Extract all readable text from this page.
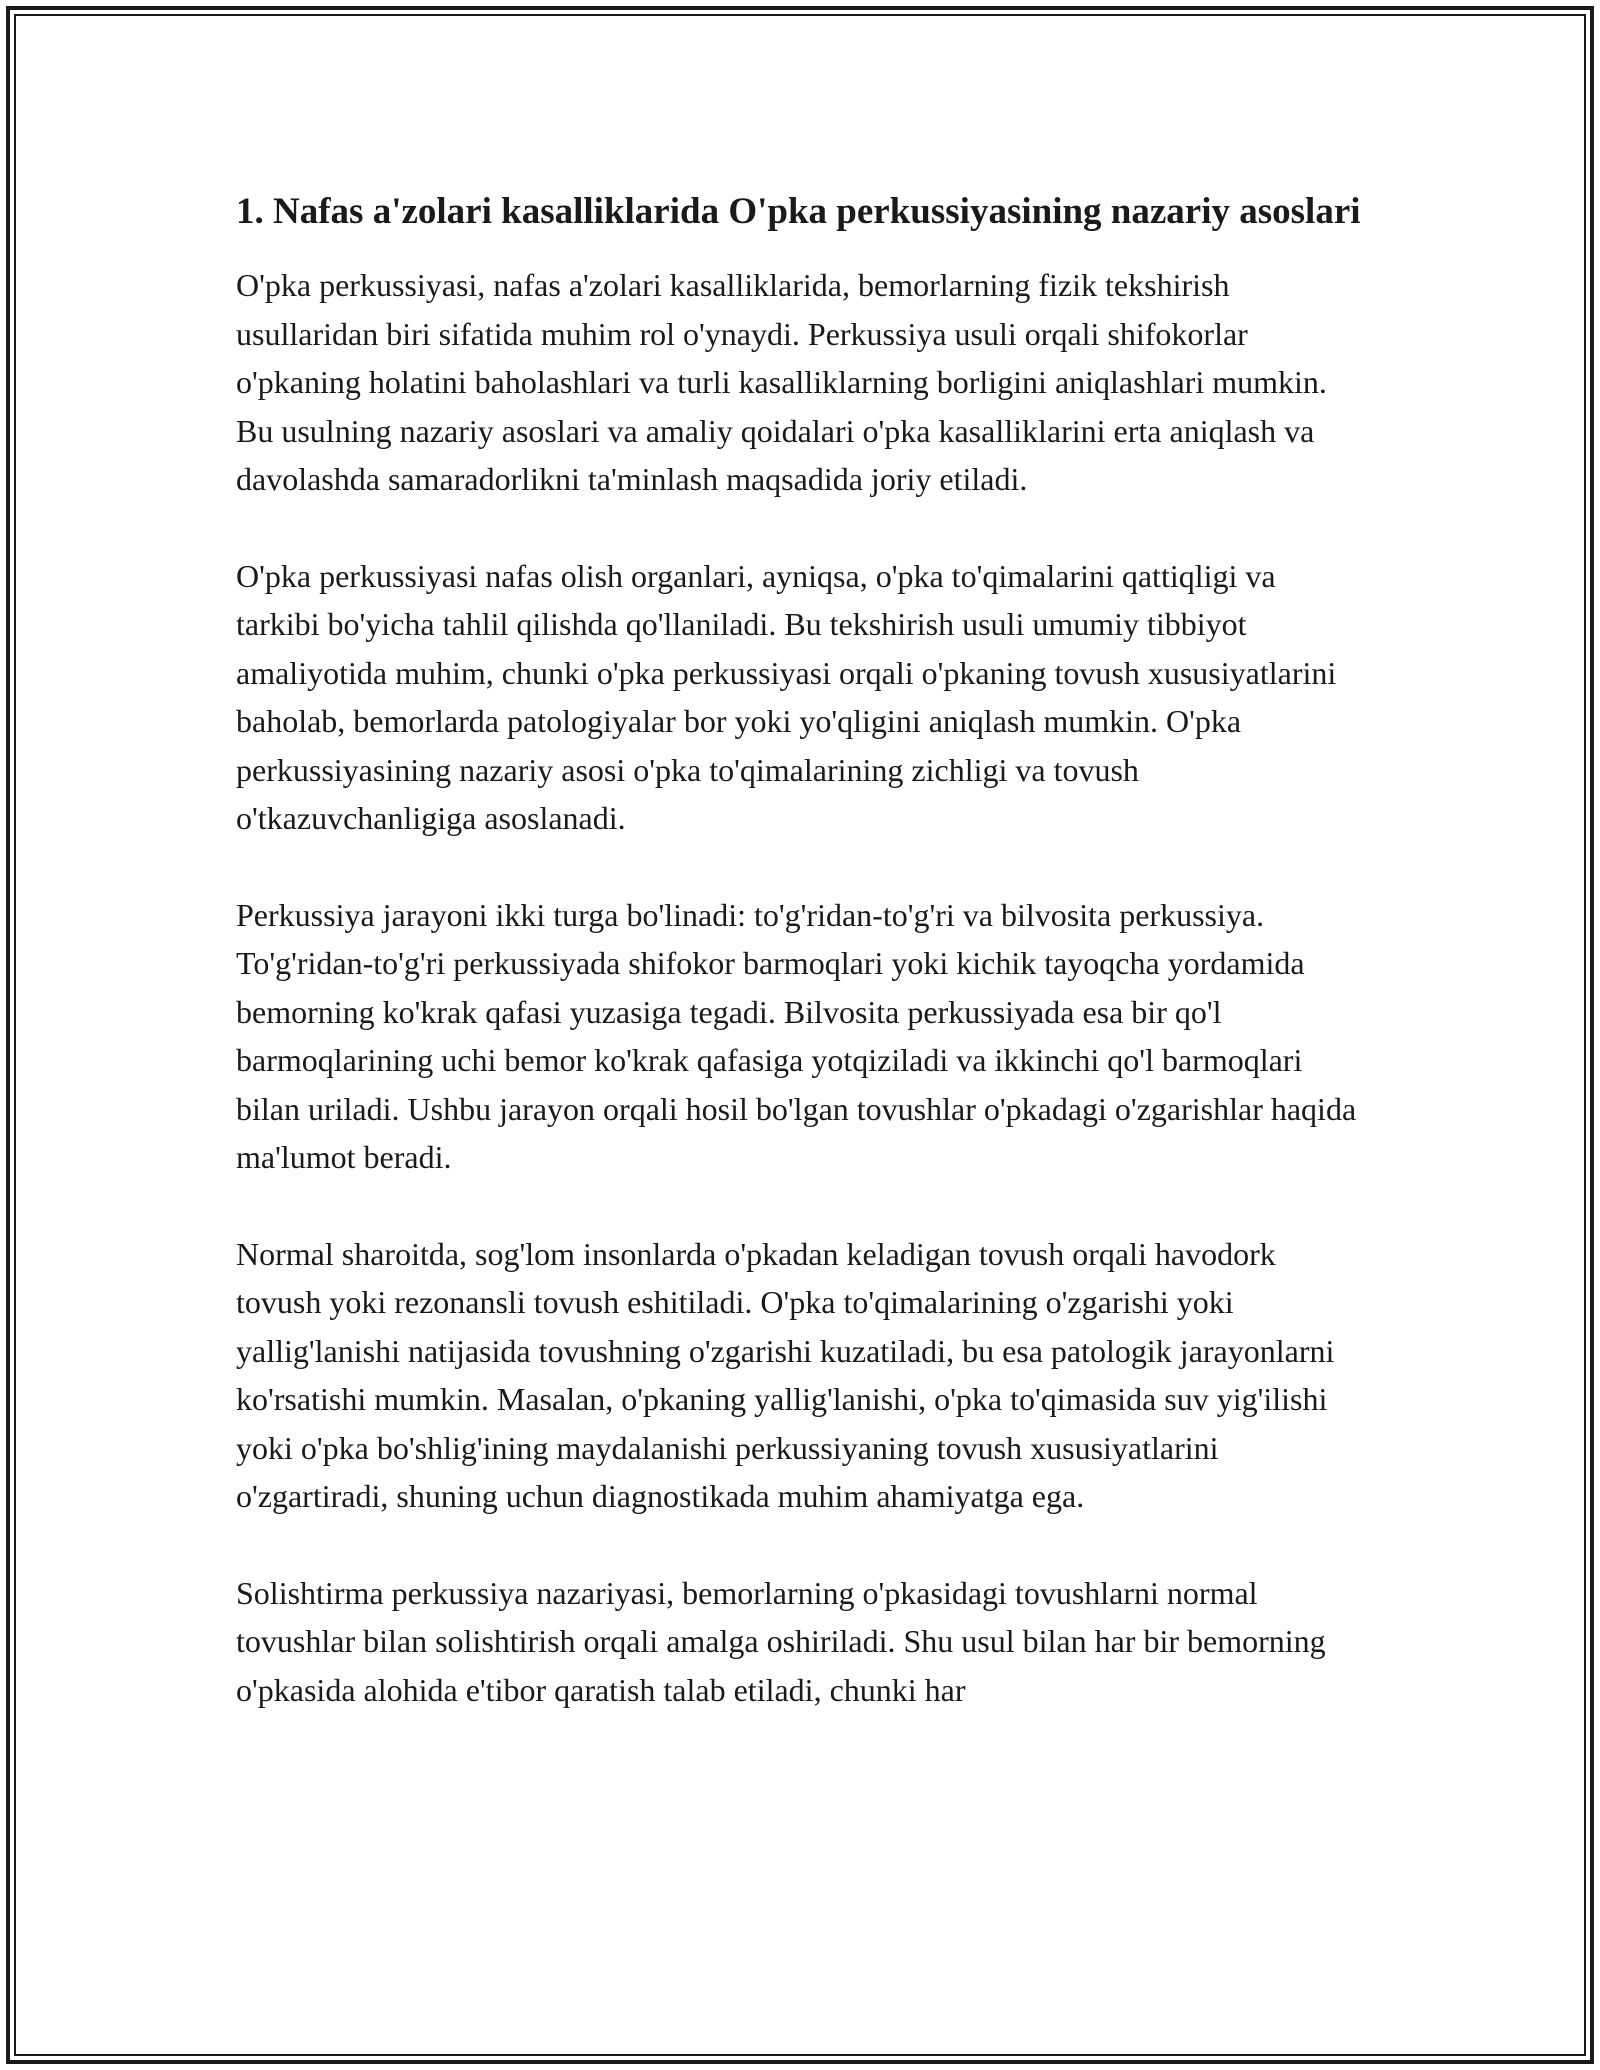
1. Nafas a'zolari kasalliklarida O'pka perkussiyasining nazariy asoslari

O'pka perkussiyasi, nafas a'zolari kasalliklarida, bemorlarning fizik tekshirish usullaridan biri sifatida muhim rol o'ynaydi. Perkussiya usuli orqali shifokorlar o'pkaning holatini baholashlari va turli kasalliklarning borligini aniqlashlari mumkin. Bu usulning nazariy asoslari va amaliy qoidalari o'pka kasalliklarini erta aniqlash va davolashda samaradorlikni ta'minlash maqsadida joriy etiladi.

O'pka perkussiyasi nafas olish organlari, ayniqsa, o'pka to'qimalarini qattiqligi va tarkibi bo'yicha tahlil qilishda qo'llaniladi. Bu tekshirish usuli umumiy tibbiyot amaliyotida muhim, chunki o'pka perkussiyasi orqali o'pkaning tovush xususiyatlarini baholab, bemorlarda patologiyalar bor yoki yo'qligini aniqlash mumkin. O'pka perkussiyasining nazariy asosi o'pka to'qimalarining zichligi va tovush o'tkazuvchanligiga asoslanadi.

Perkussiya jarayoni ikki turga bo'linadi: to'g'ridan-to'g'ri va bilvosita perkussiya. To'g'ridan-to'g'ri perkussiyada shifokor barmoqlari yoki kichik tayoqcha yordamida bemorning ko'krak qafasi yuzasiga tegadi. Bilvosita perkussiyada esa bir qo'l barmoqlarining uchi bemor ko'krak qafasiga yotqiziladi va ikkinchi qo'l barmoqlari bilan uriladi. Ushbu jarayon orqali hosil bo'lgan tovushlar o'pkadagi o'zgarishlar haqida ma'lumot beradi.

Normal sharoitda, sog'lom insonlarda o'pkadan keladigan tovush orqali havodork tovush yoki rezonansli tovush eshitiladi. O'pka to'qimalarining o'zgarishi yoki yallig'lanishi natijasida tovushning o'zgarishi kuzatiladi, bu esa patologik jarayonlarni ko'rsatishi mumkin. Masalan, o'pkaning yallig'lanishi, o'pka to'qimasida suv yig'ilishi yoki o'pka bo'shlig'ining maydalanishi perkussiyaning tovush xususiyatlarini o'zgartiradi, shuning uchun diagnostikada muhim ahamiyatga ega.

Solishtirma perkussiya nazariyasi, bemorlarning o'pkasidagi tovushlarni normal tovushlar bilan solishtirish orqali amalga oshiriladi. Shu usul bilan har bir bemorning o'pkasida alohida e'tibor qaratish talab etiladi, chunki har
